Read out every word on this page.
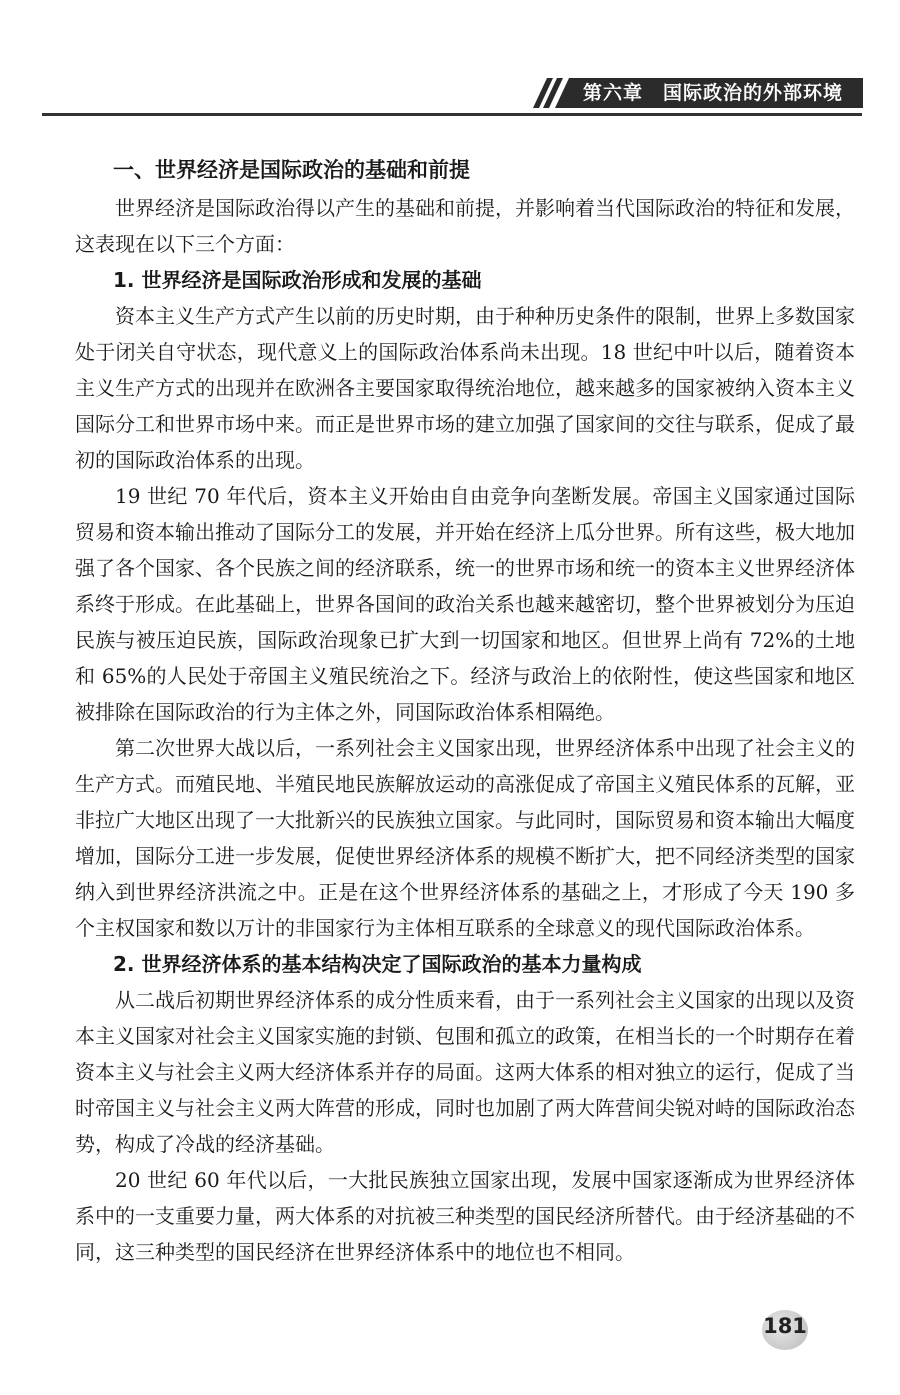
第六章　国际政治的外部环境
一、世界经济是国际政治的基础和前提

世界经济是国际政治得以产生的基础和前提，并影响着当代国际政治的特征和发展，这表现在以下三个方面：

1. 世界经济是国际政治形成和发展的基础

资本主义生产方式产生以前的历史时期，由于种种历史条件的限制，世界上多数国家处于闭关自守状态，现代意义上的国际政治体系尚未出现。18 世纪中叶以后，随着资本主义生产方式的出现并在欧洲各主要国家取得统治地位，越来越多的国家被纳入资本主义国际分工和世界市场中来。而正是世界市场的建立加强了国家间的交往与联系，促成了最初的国际政治体系的出现。

19 世纪 70 年代后，资本主义开始由自由竞争向垄断发展。帝国主义国家通过国际贸易和资本输出推动了国际分工的发展，并开始在经济上瓜分世界。所有这些，极大地加强了各个国家、各个民族之间的经济联系，统一的世界市场和统一的资本主义世界经济体系终于形成。在此基础上，世界各国间的政治关系也越来越密切，整个世界被划分为压迫民族与被压迫民族，国际政治现象已扩大到一切国家和地区。但世界上尚有 72%的土地和 65%的人民处于帝国主义殖民统治之下。经济与政治上的依附性，使这些国家和地区被排除在国际政治的行为主体之外，同国际政治体系相隔绝。

第二次世界大战以后，一系列社会主义国家出现，世界经济体系中出现了社会主义的生产方式。而殖民地、半殖民地民族解放运动的高涨促成了帝国主义殖民体系的瓦解，亚非拉广大地区出现了一大批新兴的民族独立国家。与此同时，国际贸易和资本输出大幅度增加，国际分工进一步发展，促使世界经济体系的规模不断扩大，把不同经济类型的国家纳入到世界经济洪流之中。正是在这个世界经济体系的基础之上，才形成了今天 190 多个主权国家和数以万计的非国家行为主体相互联系的全球意义的现代国际政治体系。

2. 世界经济体系的基本结构决定了国际政治的基本力量构成

从二战后初期世界经济体系的成分性质来看，由于一系列社会主义国家的出现以及资本主义国家对社会主义国家实施的封锁、包围和孤立的政策，在相当长的一个时期存在着资本主义与社会主义两大经济体系并存的局面。这两大体系的相对独立的运行，促成了当时帝国主义与社会主义两大阵营的形成，同时也加剧了两大阵营间尖锐对峙的国际政治态势，构成了冷战的经济基础。

20 世纪 60 年代以后，一大批民族独立国家出现，发展中国家逐渐成为世界经济体系中的一支重要力量，两大体系的对抗被三种类型的国民经济所替代。由于经济基础的不同，这三种类型的国民经济在世界经济体系中的地位也不相同。

181
